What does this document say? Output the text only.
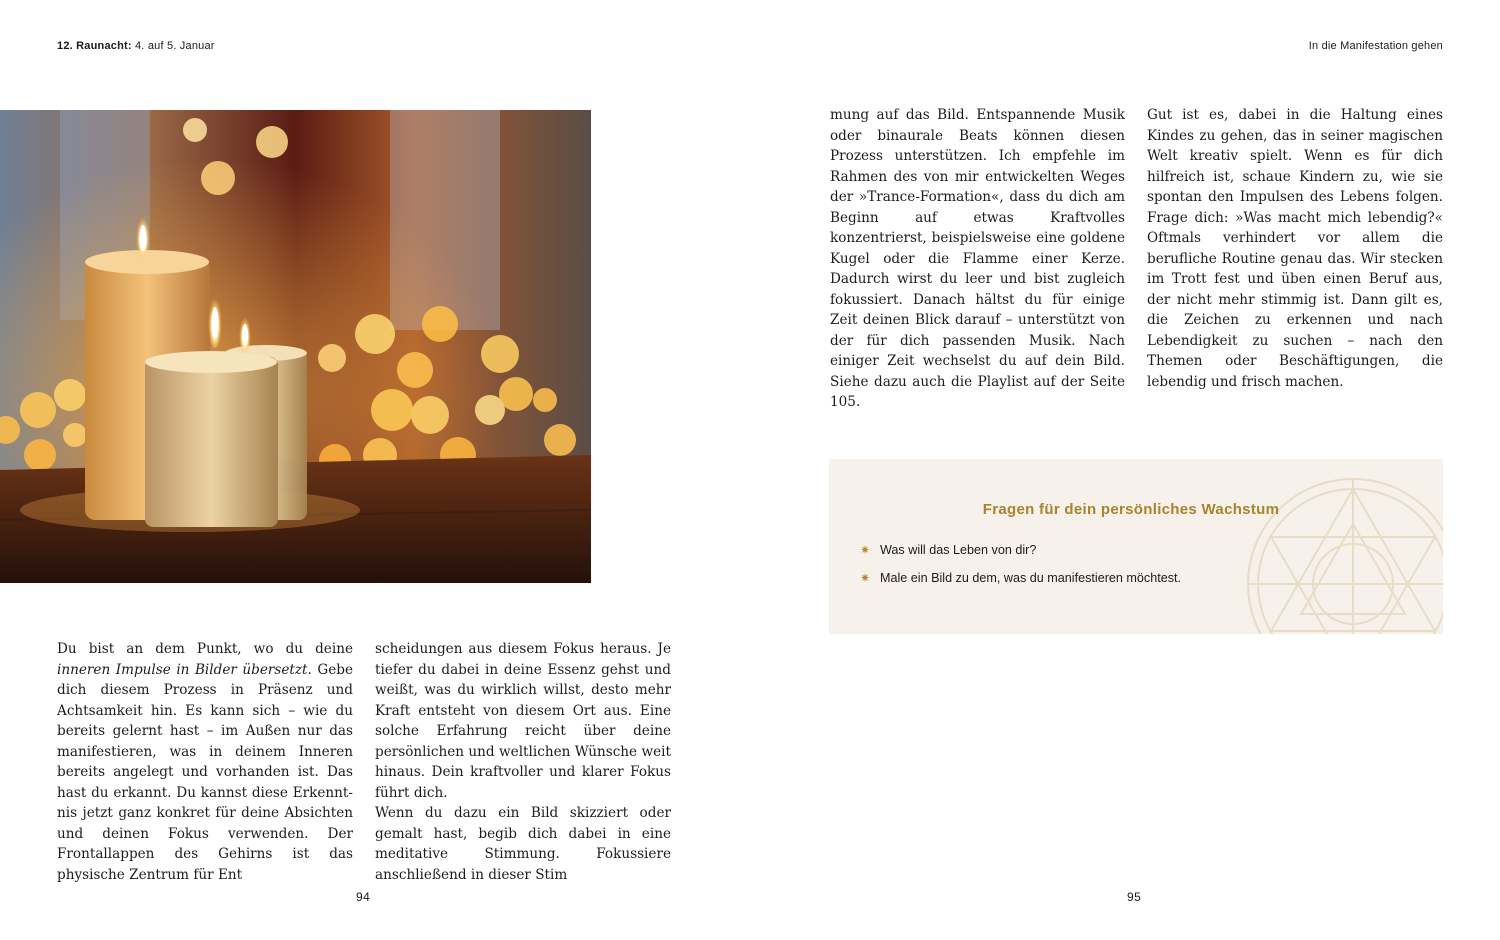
12. Raunacht: 4. auf 5. Januar	In die Manifestation gehen

Du bist an dem Punkt, wo du deine inneren Impulse in Bilder übersetzt. Gebe dich diesem Prozess in Präsenz und Achtsamkeit hin. Es kann sich – wie du bereits gelernt hast – im Außen nur das manifestieren, was in deinem Inneren bereits angelegt und vorhanden ist. Das hast du erkannt. Du kannst diese Erkenntnis jetzt ganz konkret für deine Absichten und deinen Fokus verwenden. Der Frontallappen des Gehirns ist das physische Zentrum für Ent

scheidungen aus diesem Fokus heraus. Je tiefer du dabei in deine Essenz gehst und weißt, was du wirklich willst, desto mehr Kraft entsteht von diesem Ort aus. Eine solche Erfahrung reicht über deine persönlichen und weltlichen Wünsche weit hinaus. Dein kraftvoller und klarer Fokus führt dich.

Wenn du dazu ein Bild skizziert oder gemalt hast, begib dich dabei in eine meditative Stimmung. Fokussiere anschließend in dieser Stim

mung auf das Bild. Entspannende Musik oder binaurale Beats können diesen Prozess unterstützen. Ich empfehle im Rahmen des von mir entwickelten Weges der »Trance-Formation«, dass du dich am Beginn auf etwas Kraftvolles konzentrierst, beispielsweise eine goldene Kugel oder die Flamme einer Kerze. Dadurch wirst du leer und bist zugleich fokussiert. Danach hältst du für einige Zeit deinen Blick darauf – unterstützt von der für dich passenden Musik. Nach einiger Zeit wechselst du auf dein Bild. Siehe dazu auch die Playlist auf der Seite 105.

Gut ist es, dabei in die Haltung eines Kindes zu gehen, das in seiner magischen Welt kreativ spielt. Wenn es für dich hilfreich ist, schaue Kindern zu, wie sie spontan den Impulsen des Lebens folgen. Frage dich: »Was macht mich lebendig?« Oftmals verhindert vor allem die berufliche Routine genau das. Wir stecken im Trott fest und üben einen Beruf aus, der nicht mehr stimmig ist. Dann gilt es, die Zeichen zu erkennen und nach Lebendigkeit zu suchen – nach den Themen oder Beschäftigungen, die lebendig und frisch machen.

Fragen für dein persönliches Wachstum
✷ Was will das Leben von dir?
✷ Male ein Bild zu dem, was du manifestieren möchtest.
94	95
